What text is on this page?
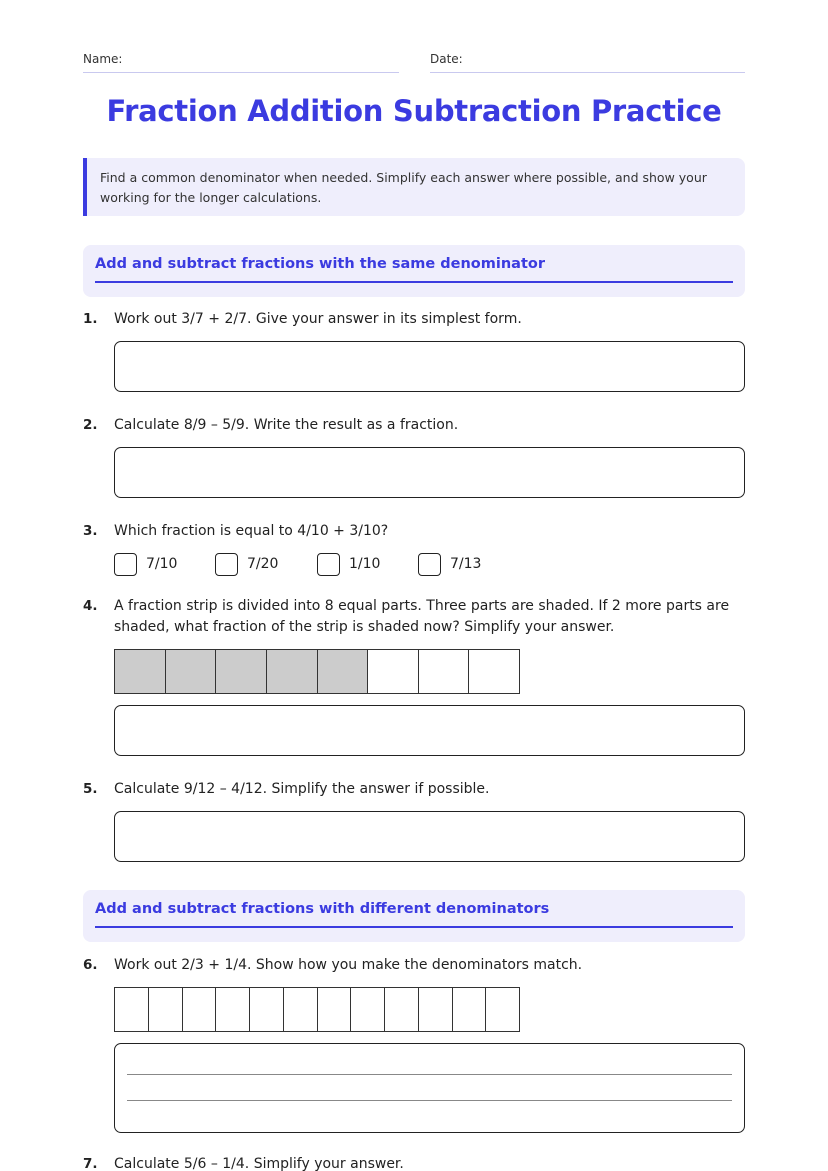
Name:	Date:
Fraction Addition Subtraction Practice
Find a common denominator when needed. Simplify each answer where possible, and show your working for the longer calculations.
Add and subtract fractions with the same denominator
1. Work out 3/7 + 2/7. Give your answer in its simplest form.
2. Calculate 8/9 – 5/9. Write the result as a fraction.
3. Which fraction is equal to 4/10 + 3/10?
7/10	7/20	1/10	7/13
4. A fraction strip is divided into 8 equal parts. Three parts are shaded. If 2 more parts are shaded, what fraction of the strip is shaded now? Simplify your answer.
5. Calculate 9/12 – 4/12. Simplify the answer if possible.
Add and subtract fractions with different denominators
6. Work out 2/3 + 1/4. Show how you make the denominators match.
7. Calculate 5/6 – 1/4. Simplify your answer.
